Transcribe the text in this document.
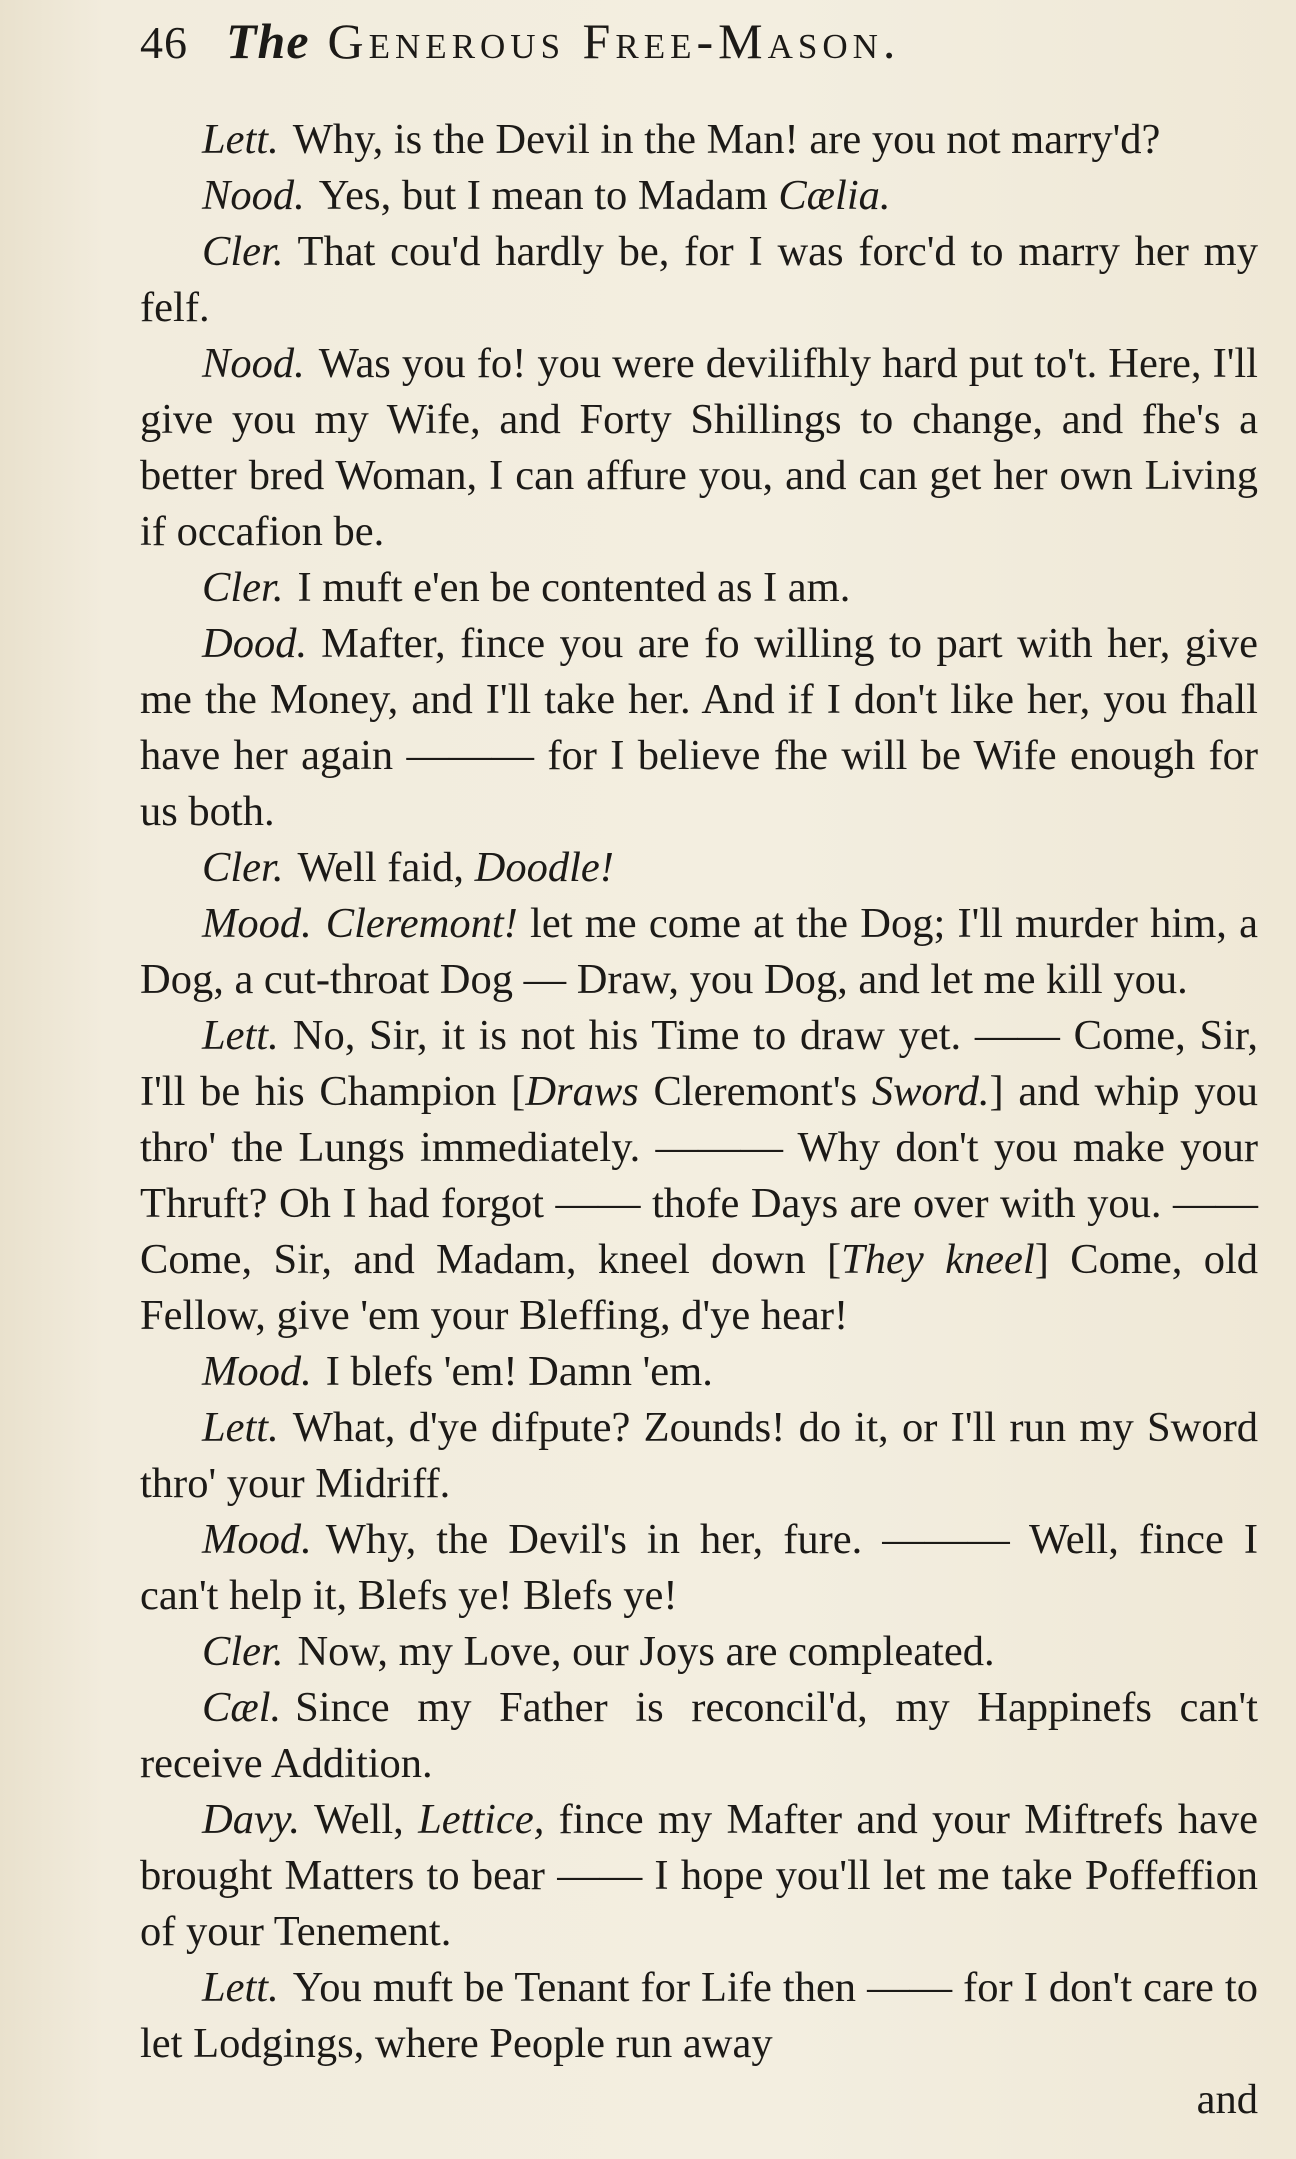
46 The Generous Free-Mason.

Lett. Why, is the Devil in the Man! are you not marry'd?

Nood. Yes, but I mean to Madam Cælia.

Cler. That cou'd hardly be, for I was forc'd to marry her my felf.

Nood. Was you fo! you were devilifhly hard put to't. Here, I'll give you my Wife, and Forty Shillings to change, and fhe's a better bred Woman, I can affure you, and can get her own Living if occafion be.

Cler. I muft e'en be contented as I am.

Dood. Mafter, fince you are fo willing to part with her, give me the Money, and I'll take her. And if I don't like her, you fhall have her again ——— for I believe fhe will be Wife enough for us both.

Cler. Well faid, Doodle!

Mood. Cleremont! let me come at the Dog; I'll murder him, a Dog, a cut-throat Dog — Draw, you Dog, and let me kill you.

Lett. No, Sir, it is not his Time to draw yet. —— Come, Sir, I'll be his Champion [Draws Cleremont's Sword.] and whip you thro' the Lungs immediately. ——— Why don't you make your Thruft? Oh I had forgot —— thofe Days are over with you. —— Come, Sir, and Madam, kneel down [They kneel] Come, old Fellow, give 'em your Bleffing, d'ye hear!

Mood. I blefs 'em! Damn 'em.

Lett. What, d'ye difpute? Zounds! do it, or I'll run my Sword thro' your Midriff.

Mood. Why, the Devil's in her, fure. ——— Well, fince I can't help it, Blefs ye! Blefs ye!

Cler. Now, my Love, our Joys are compleated.

Cæl. Since my Father is reconcil'd, my Happinefs can't receive Addition.

Davy. Well, Lettice, fince my Mafter and your Miftrefs have brought Matters to bear —— I hope you'll let me take Poffeffion of your Tenement.

Lett. You muft be Tenant for Life then —— for I don't care to let Lodgings, where People run away

and
